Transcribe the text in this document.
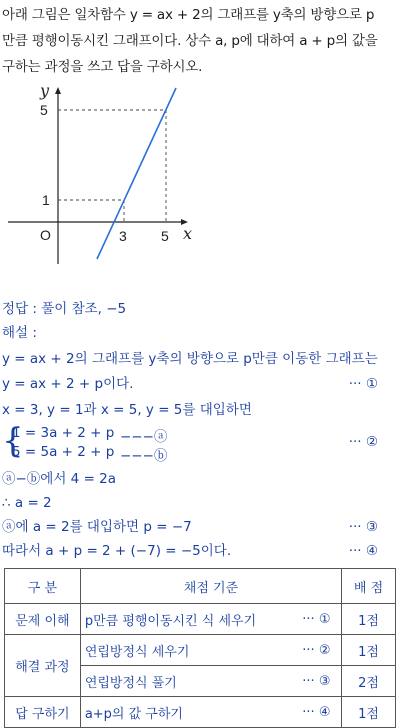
아래 그림은 일차함수 y = ax + 2의 그래프를 y축의 방향으로 p
만큼 평행이동시킨 그래프이다. 상수 a, p에 대하여 a + p의 값을
구하는 과정을 쓰고 답을 구하시오.
y
x
O
5
1
3 5
정답 : 풀이 참조, −5
해설 :
y = ax + 2의 그래프를 y축의 방향으로 p만큼 이동한 그래프는
y = ax + 2 + p이다.	··· ①
x = 3, y = 1과 x = 5, y = 5를 대입하면
{
1 = 3a + 2 + p −−−ⓐ
5 = 5a + 2 + p −−−ⓑ
··· ②
ⓐ−ⓑ에서 4 = 2a
∴ a = 2
ⓐ에 a = 2를 대입하면 p = −7	··· ③
따라서 a + p = 2 + (−7) = −5이다.	··· ④
구 분	채점 기준		배 점
문제 이해	p만큼 평행이동시킨 식 세우기	··· ①	1점
해결 과정	연립방정식 세우기	··· ②	1점
	연립방정식 풀기	··· ③	2점
답 구하기	a+p의 값 구하기	··· ④	1점
